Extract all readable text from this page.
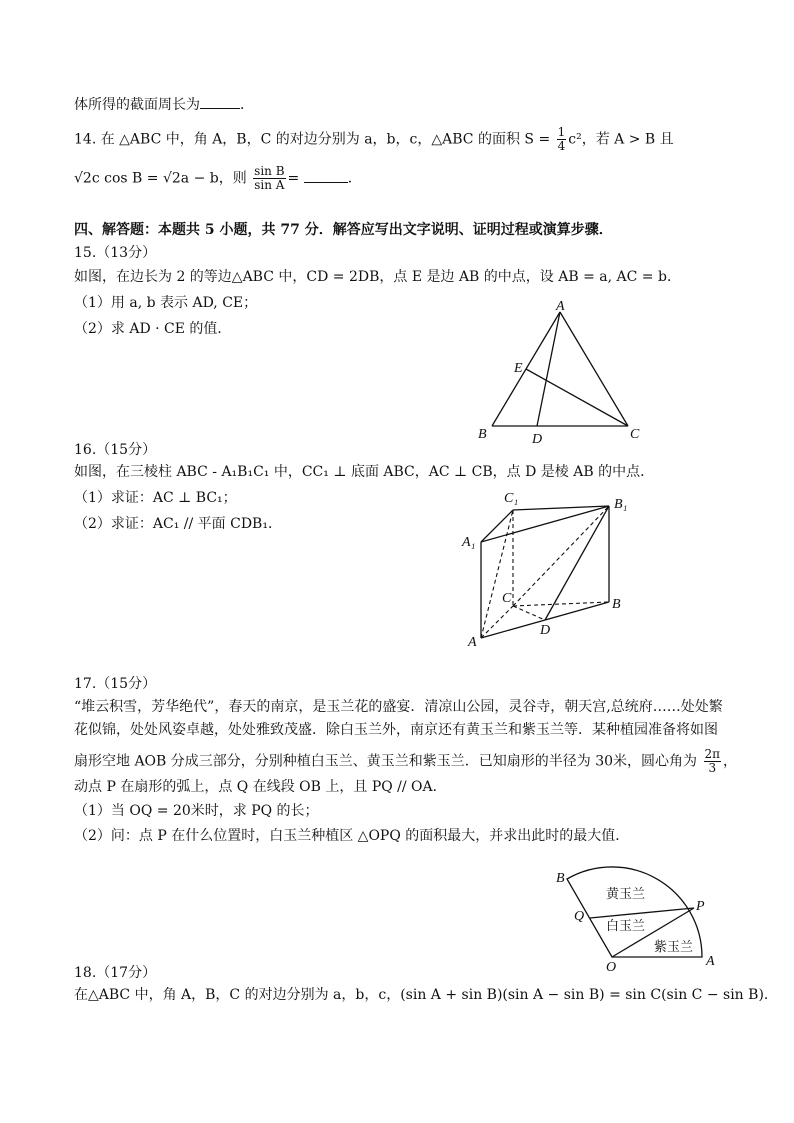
体所得的截面周长为	．
14. 在 △ABC 中，角 A，B，C 的对边分别为 a，b，c，△ABC 的面积 $S = \frac{1}{4} c^2$，若 A > B 且
√2c cos B = √2a − b，则 $\frac{\text{sin B}}{\text{sin A}}$ =	．
四、解答题：本题共 5 小题，共 77 分．解答应写出文字说明、证明过程或演算步骤．
15.（13分）
如图，在边长为 2 的等边△ABC 中，CD = 2DB，点 E 是边 AB 的中点，设 AB = a, AC = b．
（1）用 a, b 表示 AD, CE；
（2）求 AD · CE 的值．
A
E
B	D	C
16.（15分）
如图，在三棱柱 ABC - A₁B₁C₁ 中，CC₁ ⊥ 底面 ABC，AC ⊥ CB，点 D 是棱 AB 的中点．
（1）求证：AC ⊥ BC₁；
（2）求证：AC₁ // 平面 CDB₁．
C₁	B₁
A₁
C	B
D
A
17.（15分）
“堆云积雪，芳华绝代”，春天的南京，是玉兰花的盛宴．清凉山公园，灵谷寺，朝天宫,总统府……处处繁
花似锦，处处风姿卓越，处处雅致茂盛．除白玉兰外，南京还有黄玉兰和紫玉兰等．某种植园准备将如图
扇形空地 AOB 分成三部分，分别种植白玉兰、黄玉兰和紫玉兰．已知扇形的半径为 30米，圆心角为 $\frac{2\pi}{3}$ ，
动点 P 在扇形的弧上，点 Q 在线段 OB 上，且 PQ // OA．
（1）当 OQ = 20米时，求 PQ 的长；
（2）问：点 P 在什么位置时，白玉兰种植区 △OPQ 的面积最大，并求出此时的最大值．
B
P
Q
O	A
黄玉兰
白玉兰
紫玉兰
18.（17分）
在△ABC 中，角 A，B，C 的对边分别为 a，b，c，(sin A + sin B)(sin A − sin B) = sin C(sin C − sin B)．
